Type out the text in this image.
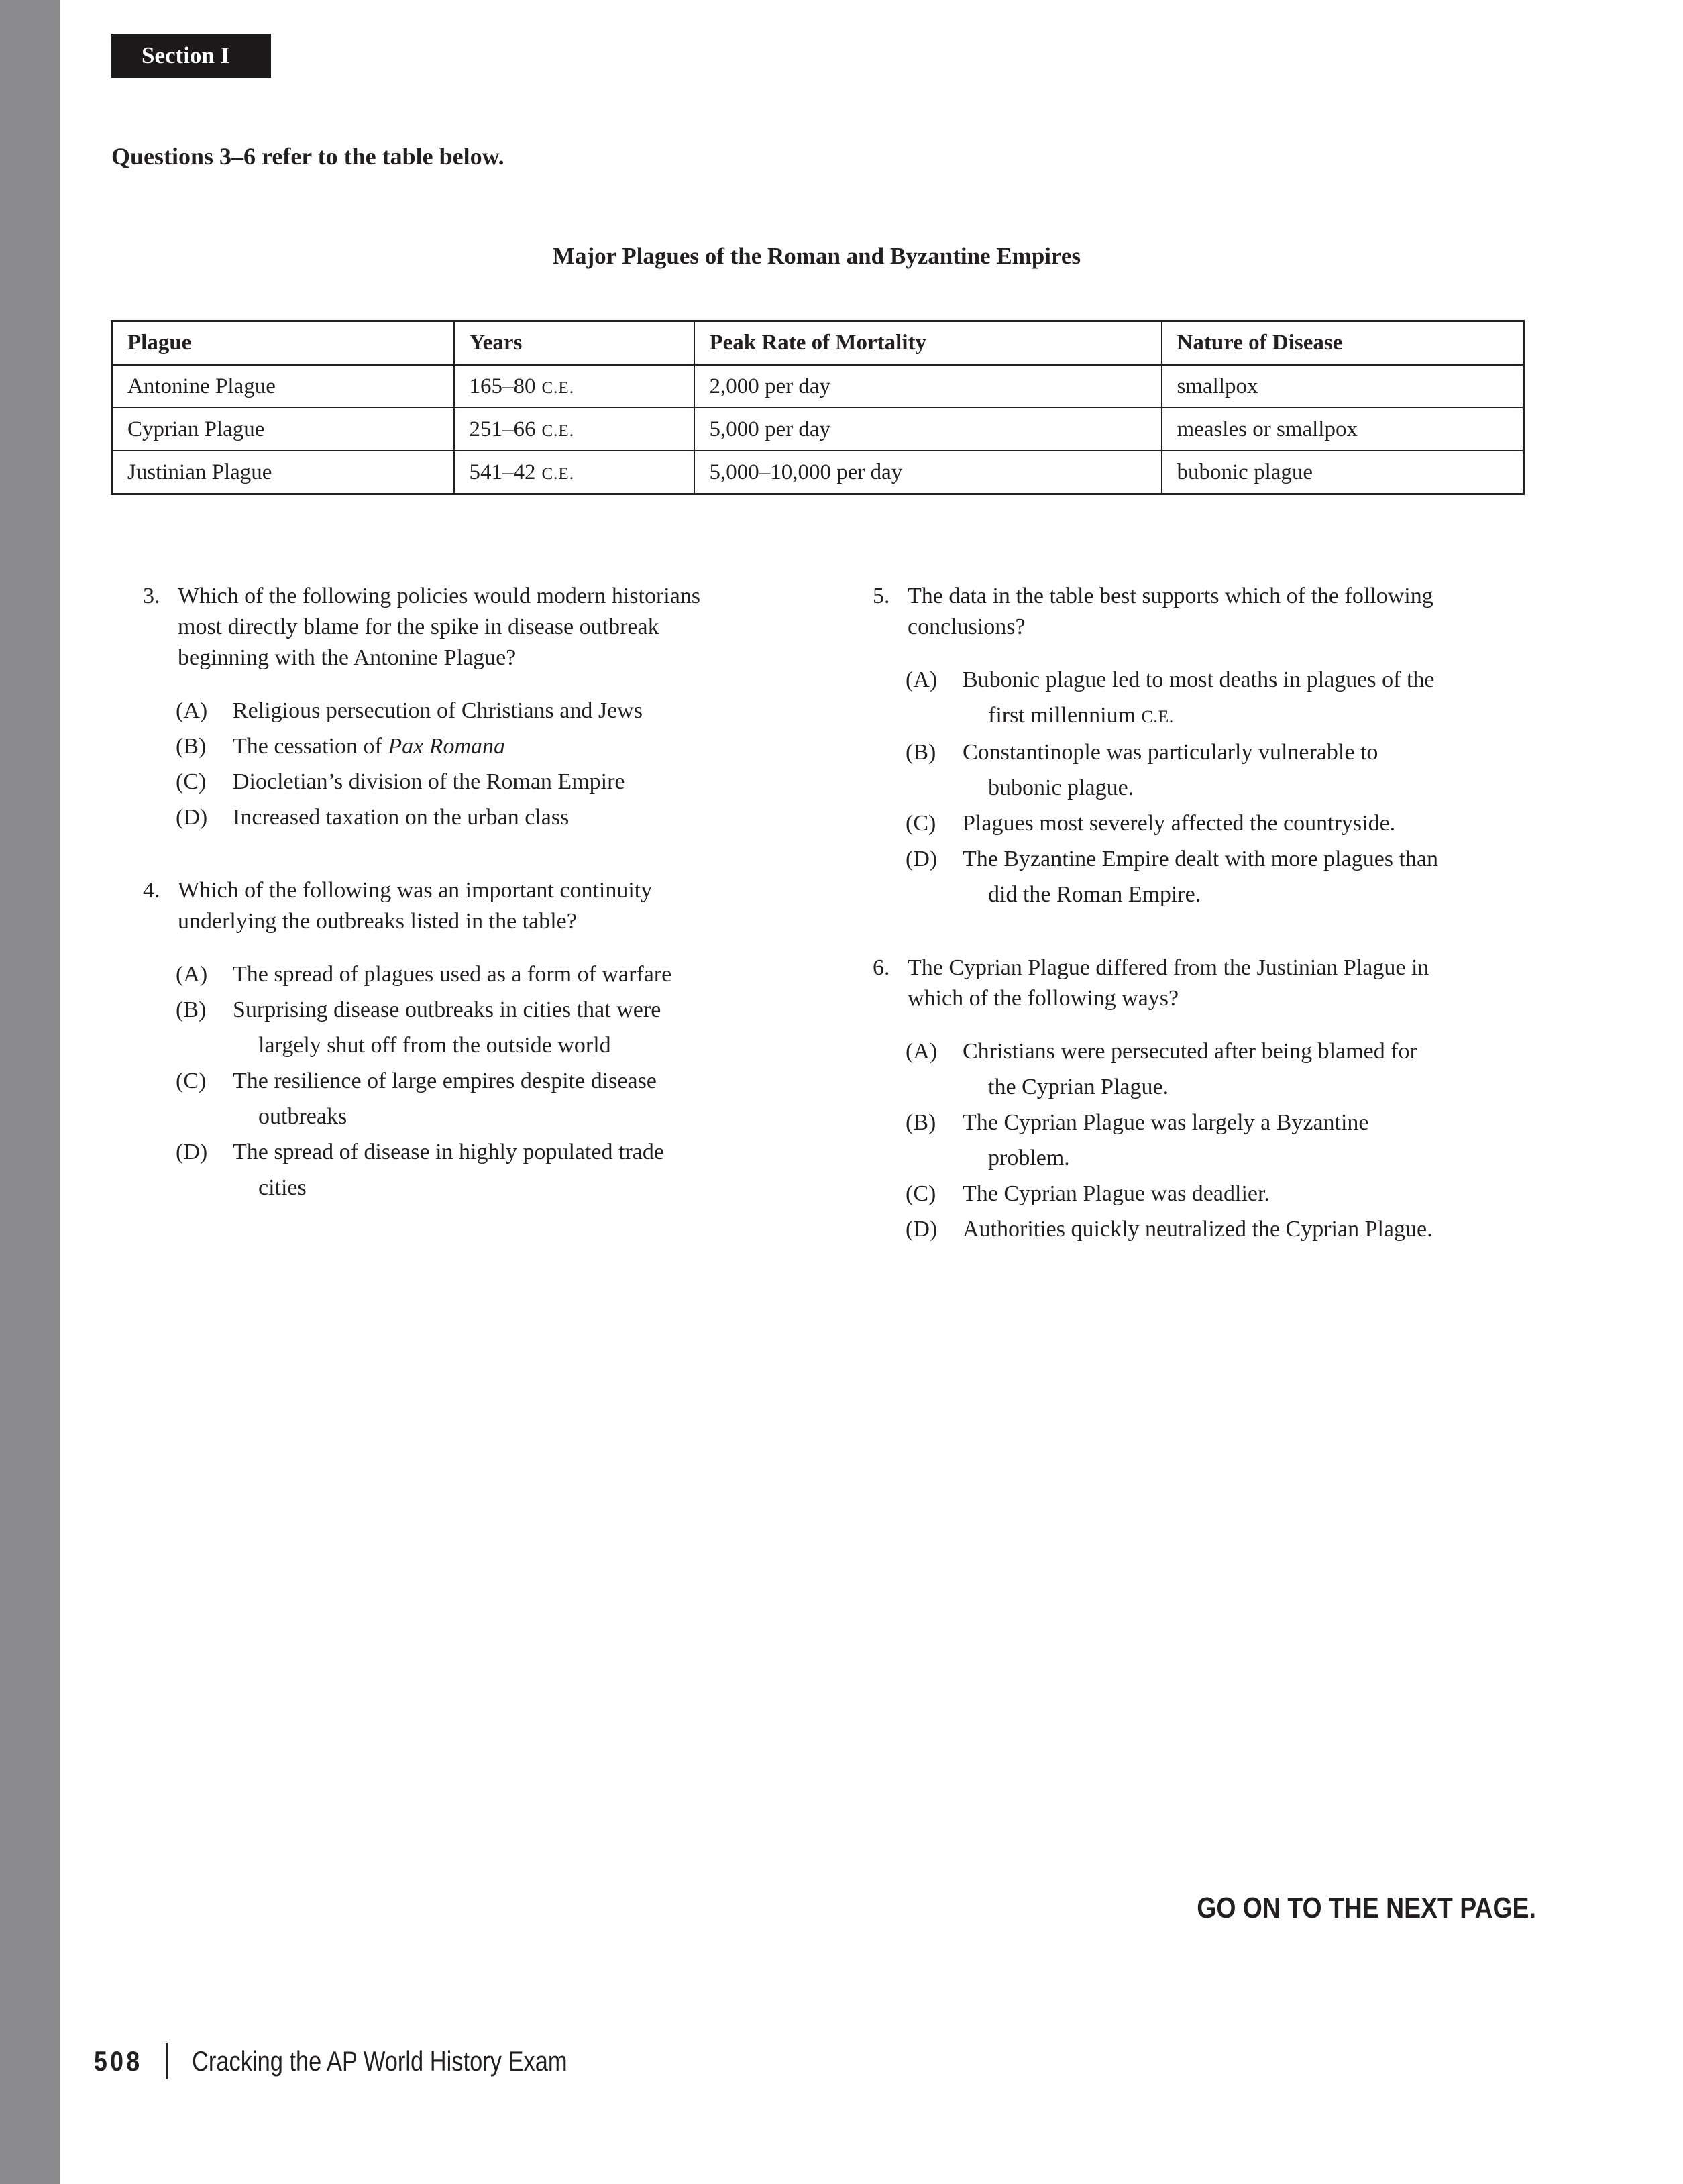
Section I
Questions 3–6 refer to the table below.
Major Plagues of the Roman and Byzantine Empires
Plague	Years	Peak Rate of Mortality	Nature of Disease
Antonine Plague	165–80 C.E.	2,000 per day	smallpox
Cyprian Plague	251–66 C.E.	5,000 per day	measles or smallpox
Justinian Plague	541–42 C.E.	5,000–10,000 per day	bubonic plague
3. Which of the following policies would modern historians
most directly blame for the spike in disease outbreak
beginning with the Antonine Plague?
(A)	Religious persecution of Christians and Jews
(B)	The cessation of Pax Romana
(C)	Diocletian’s division of the Roman Empire
(D)	Increased taxation on the urban class
4. Which of the following was an important continuity
underlying the outbreaks listed in the table?
(A)	The spread of plagues used as a form of warfare
(B)	Surprising disease outbreaks in cities that were
largely shut off from the outside world
(C)	The resilience of large empires despite disease
outbreaks
(D)	The spread of disease in highly populated trade
cities
5. The data in the table best supports which of the following
conclusions?
(A)	Bubonic plague led to most deaths in plagues of the
first millennium C.E.
(B)	Constantinople was particularly vulnerable to
bubonic plague.
(C)	Plagues most severely affected the countryside.
(D)	The Byzantine Empire dealt with more plagues than
did the Roman Empire.
6. The Cyprian Plague differed from the Justinian Plague in
which of the following ways?
(A)	Christians were persecuted after being blamed for
the Cyprian Plague.
(B)	The Cyprian Plague was largely a Byzantine
problem.
(C)	The Cyprian Plague was deadlier.
(D)	Authorities quickly neutralized the Cyprian Plague.
GO ON TO THE NEXT PAGE.
508 Cracking the AP World History Exam
